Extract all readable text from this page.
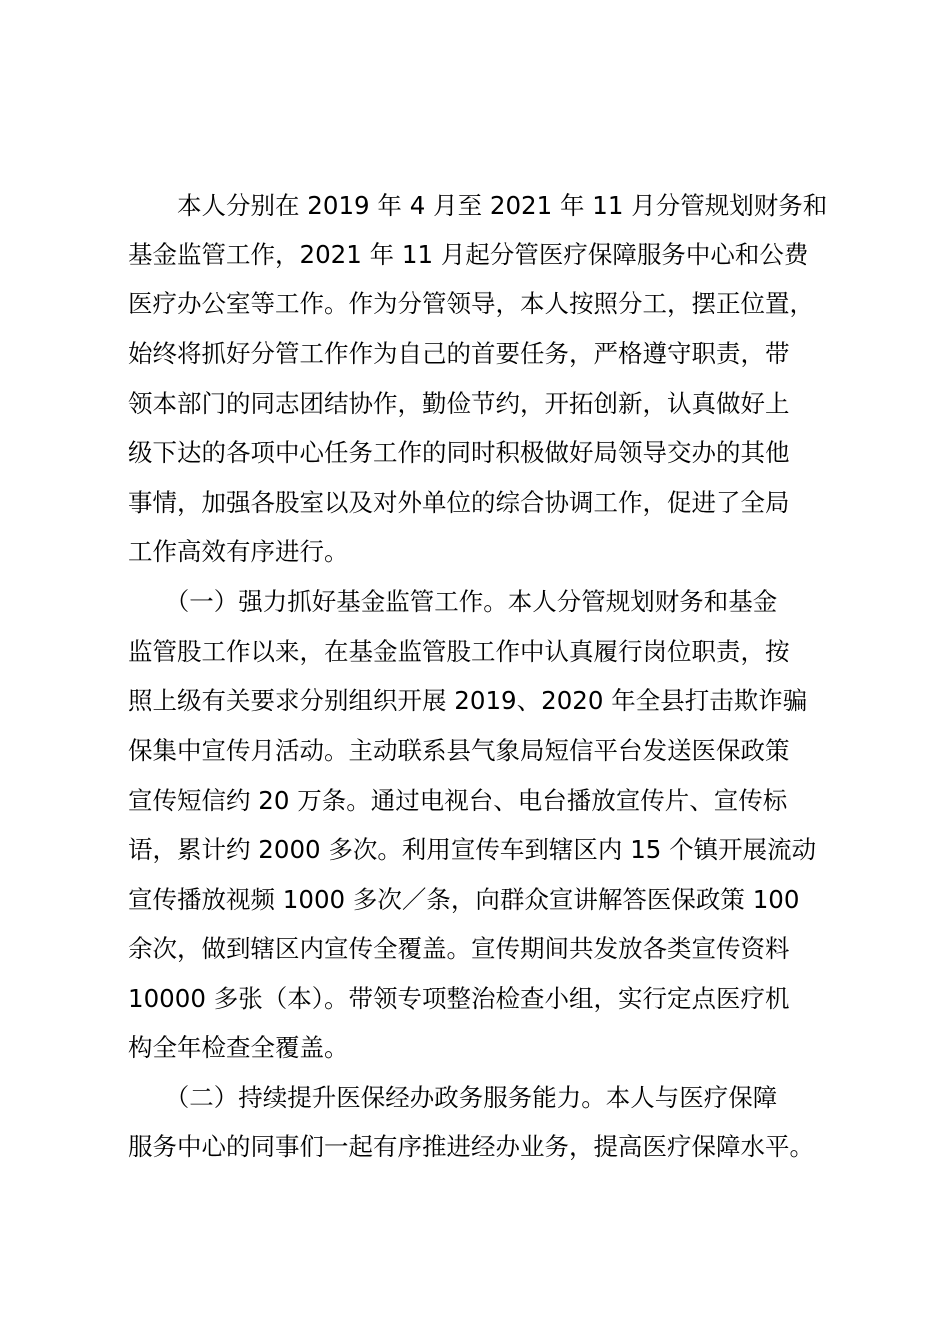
　　本人分别在 2019 年 4 月至 2021 年 11 月分管规划财务和
基金监管工作，2021 年 11 月起分管医疗保障服务中心和公费
医疗办公室等工作。作为分管领导，本人按照分工，摆正位置，
始终将抓好分管工作作为自己的首要任务，严格遵守职责，带
领本部门的同志团结协作，勤俭节约，开拓创新，认真做好上
级下达的各项中心任务工作的同时积极做好局领导交办的其他
事情，加强各股室以及对外单位的综合协调工作，促进了全局
工作高效有序进行。
　　（一）强力抓好基金监管工作。本人分管规划财务和基金
监管股工作以来，在基金监管股工作中认真履行岗位职责，按
照上级有关要求分别组织开展 2019、2020 年全县打击欺诈骗
保集中宣传月活动。主动联系县气象局短信平台发送医保政策
宣传短信约 20 万条。通过电视台、电台播放宣传片、宣传标
语，累计约 2000 多次。利用宣传车到辖区内 15 个镇开展流动
宣传播放视频 1000 多次／条，向群众宣讲解答医保政策 100
余次，做到辖区内宣传全覆盖。宣传期间共发放各类宣传资料
10000 多张（本）。带领专项整治检查小组，实行定点医疗机
构全年检查全覆盖。
　　（二）持续提升医保经办政务服务能力。本人与医疗保障
服务中心的同事们一起有序推进经办业务，提高医疗保障水平。
